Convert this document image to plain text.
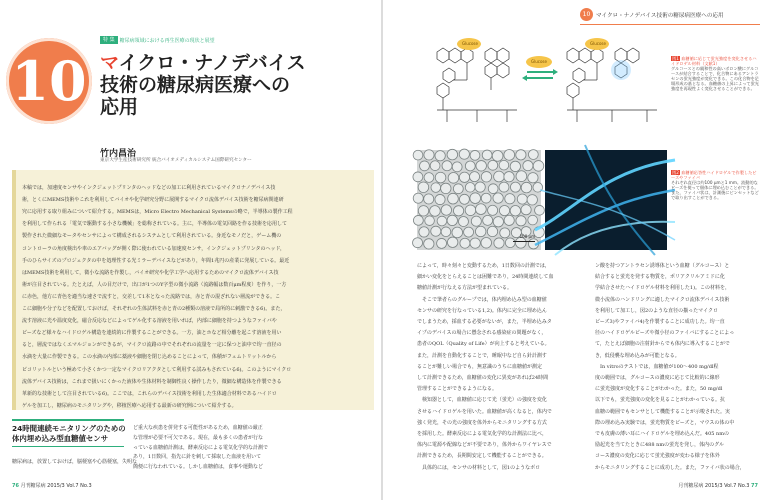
特 集	糖尿病領域における再生医療の現状と展望
10 マイクロ・ナノデバイス
技術の糖尿病医療への
応用
竹内昌治
東京大学生産技術研究所 統合バイオメディカルシステム国際研究センター
本稿では，加速度センサやインクジェットプリンタのヘッドなどの加工に利用されているマイクロナノデバイス技
術，とくにMEMS技術やこれを利用してバイオや化学研究分野に展開するマイクロ流体デバイス技術を糖尿病関連研
究に応用する取り組みについて紹介する。MEMSは，Micro Electro Mechanical Systemsの略で，半導体の製作工程
を利用して作られる「電気で駆動する小さな機械」を総称されている。主に，半導体の電気回路を作る技術を応用して
製作された微細なモータやセンサによって構成されるシステムとして利用されている。身近なモノだと，ゲーム機の
コントローラの角度検出や車のエアバッグが開く際に使われている加速度センサ，インクジェットプリンタのヘッド，
手のひらサイズのプロジェクタの中を処理性する光ミラーデバイスなどがあり，年間1兆円の産業に発展している。最近
はMEMS技術を利用して，微小な流路を作製し，バイオ研究や化学工学へ応用するためのマイクロ流体デバイス技
術が注目されている。たとえば，人の目だけで，出口が1つのY字型の微小流路（流路幅は数百μm程度）を作り，一方
に赤色，他方に青色を適当な速さで流すと，交差して1本となった流路では，赤と青の混ざれない層流ができる。こ
こに細胞や分子などを配置しておけば，それぞれの生体試料を赤と青の2種類の溶液で局所的に刺激できる6)。また，
流す溶液に光や温度変化，磁合反応などによってゲル化する溶液を用いれば，内部に細胞を持つようなファイバや
ビーズなど様々なハイドロゲル構造を連続的に作製することができる。一方，油とホなど相分離を起こす溶液を用い
ると，層流ではなくエマルジョンができるが，マイクロ流路の中でそれぞれの流量を一定に保つと油中で均一直径の
水滴を大量に作製できる。この水滴の内部に薬液や細胞を閉じ込めることによって，体積がフェムトリットルから
ピコリットルという極めて小さくかつ一定なマイクロリアクタとして利用する試みもされている6)。このようにマイクロ
流体デバイス技術は，これまで扱いにくかった液体や生体材料を制御性良く操作したり，微細な構造体を作製できる
革新的な技術として注目されている6)。ここでは，これらのデバイス技術を利用した生体適合材料であるハイドロ
ゲルを加工し，糖尿病のモニタリングや，移植医療へ応用する最新の研究例について紹介する。
24時間連続モニタリングのための
体内埋め込み型血糖値センサ
糖尿病は，放置しておけば，脳梗塞や心筋梗塞，失明な
ど重大な疾患を併発する可能性があるため，血糖値の厳正
な管理が必要不可欠である。現在，最も多くの患者が行な
っている血糖値計測は，酵素反応による電気化学的な計測で
あり，1日数回，指先に針を刺して採取した血液を用いて
簡便に行なわれている。しかし血糖値は，食事や運動など
76 月刊糖尿病 2015/3 Vol.7 No.3
10	マイクロ・ナノデバイス技術の糖尿病医療への応用
Glucose	Glucose
Glucose
図1 血糖値に応じて蛍光強度を変化させるハイドロゲル材料（文献1）
グルコースとの親和性の高いボロン酸にグルコースが結合することで，化合物にあるアントラセンの蛍光強度が変化できる。この化合物を足場形成の基となる。血糖値の上昇によって蛍光強度を再現性よく変化させることができる。
100 μm
図2 血糖値応答性ハイドロゲルで作製したビーズやファイバ
それぞれ直径は約100 μmと1 mm。流動的なビーズを使って個体に埋め込むことができる。また，ファイバ状は，計測後にピンセットなどで取り出すことができる。
によって，時々刻々と変動するため，1日数回の計測では，
細かい変化をとらえることは困難であり，24時間連続して血
糖値計測が行なえる方法が望まれている。
　そこで筆者らのグループでは，体内埋め込み型の血糖値
センサの研究を行なっている1,2)。体内に完全に埋め込ん
でしまうため，採血する必要がないが，また，半埋め込みタ
イプのデバイスの場合に懸念される感染症の問題がなく，
患者のQOL（Quality of Life）が向上すると考えている。
また，計測を自動化することで，睡眠中など自ら針計測す
ることが難しい場合でも，無意識のうちに血糖値が測定
して計測できるため，血糖値の変化に異変があれば24時間
管理することができるようになる。
　検知器として，血糖値に応じて光（蛍光）の強度を変化
させるハイドロゲルを用いた。血糖値が高くなると，体内で
強く発光，その光の強度を体外からモニタリングする方式
を採用した。酵素反応による電気化学的な計測法に比べ，
体内に電源や配線などが不要であり，体外からワイヤレスで
計測できるため，長期間安定して機能することができる。
　具体的には，センサの材料として，図1のようなボロ
ン酸を持つアントラセン誘導体という血糖（グルコース）と
結合すると蛍光を発する物質を，ポリアクリルアミドに化
学結合させたハイドロゲル材料を利用した1)。この材料を，
微小流体のハンドリングに適したマイクロ流体デバイス技術
を利用して加工し，図2のような直径の揃ったマイクロ
ビーズ3)やファイバ4)を作製することに成功した。均一直
径のハイドロゲルビーズや微小径のファイバにすることによっ
て，たとえば細胞の注射針からでも体内に導入することがで
き，低侵襲な埋め込みが可能となる。
　In vitroのテストでは，血糖値が100〜400 mg/dl程
度の範囲では，グルコースの濃度に応じて比較的に線形
に蛍光強度が変化することがわかった。また，50 mg/dl
以下でも，蛍光強度の変化を見ることがわかっている。抗
血糖の範囲でもセンサとして機能することが示唆された。実
際の埋め込み実験では，蛍光物質をビーズと，マウスの体の中
でも皮膚の薄い耳にハイドロゲルを埋め込んだ。405 nmの
励起光を当てたときに488 nmの蛍光を発し，体内のグル
コース濃度の変化に応じて蛍光強度が変わる様子を体外
からモニタリングすることに成功した。また，ファイバ状の場合，
月刊糖尿病 2015/3 Vol.7 No.3 77
